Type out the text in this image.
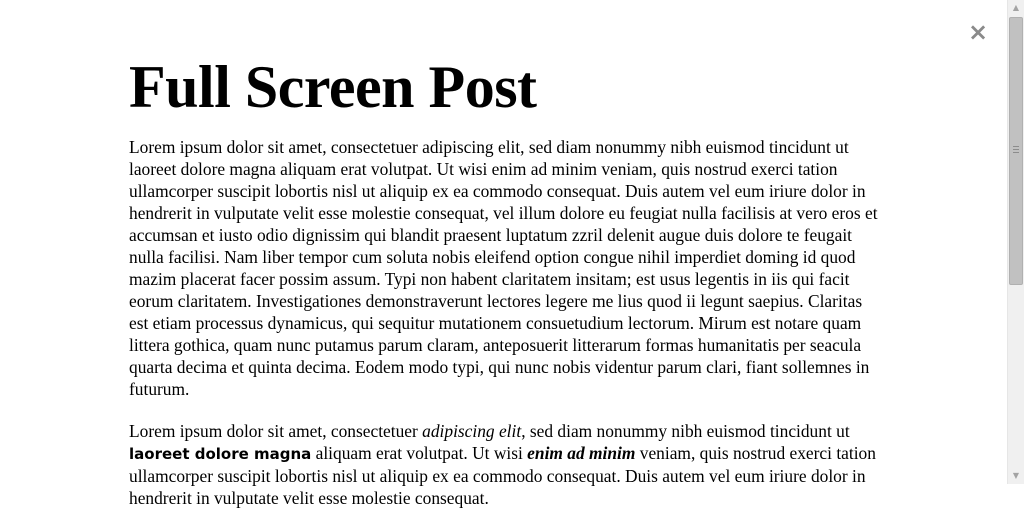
×
Full Screen Post

Lorem ipsum dolor sit amet, consectetuer adipiscing elit, sed diam nonummy nibh euismod tincidunt ut laoreet dolore magna aliquam erat volutpat. Ut wisi enim ad minim veniam, quis nostrud exerci tation ullamcorper suscipit lobortis nisl ut aliquip ex ea commodo consequat. Duis autem vel eum iriure dolor in hendrerit in vulputate velit esse molestie consequat, vel illum dolore eu feugiat nulla facilisis at vero eros et accumsan et iusto odio dignissim qui blandit praesent luptatum zzril delenit augue duis dolore te feugait nulla facilisi. Nam liber tempor cum soluta nobis eleifend option congue nihil imperdiet doming id quod mazim placerat facer possim assum. Typi non habent claritatem insitam; est usus legentis in iis qui facit eorum claritatem. Investigationes demonstraverunt lectores legere me lius quod ii legunt saepius. Claritas est etiam processus dynamicus, qui sequitur mutationem consuetudium lectorum. Mirum est notare quam littera gothica, quam nunc putamus parum claram, anteposuerit litterarum formas humanitatis per seacula quarta decima et quinta decima. Eodem modo typi, qui nunc nobis videntur parum clari, fiant sollemnes in futurum.

Lorem ipsum dolor sit amet, consectetuer adipiscing elit, sed diam nonummy nibh euismod tincidunt ut laoreet dolore magna aliquam erat volutpat. Ut wisi enim ad minim veniam, quis nostrud exerci tation ullamcorper suscipit lobortis nisl ut aliquip ex ea commodo consequat. Duis autem vel eum iriure dolor in hendrerit in vulputate velit esse molestie consequat.

▲
▼
